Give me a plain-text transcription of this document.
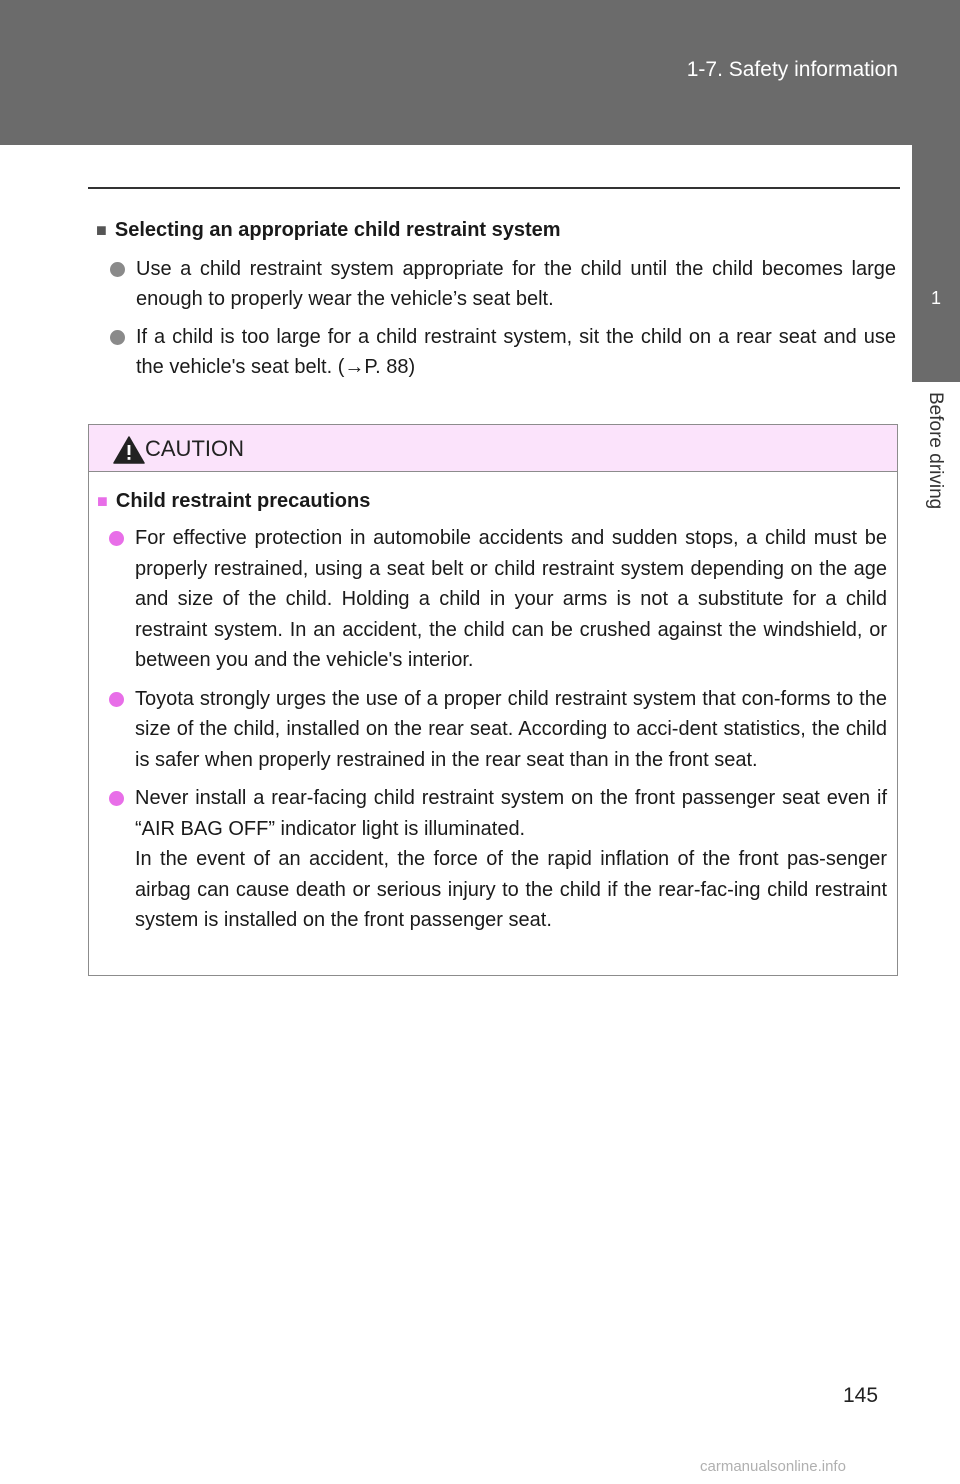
1-7. Safety information
1
Before driving
■ Selecting an appropriate child restraint system
Use a child restraint system appropriate for the child until the child becomes large enough to properly wear the vehicle’s seat belt.
If a child is too large for a child restraint system, sit the child on a rear seat and use the vehicle's seat belt. (→P. 88)
CAUTION
■ Child restraint precautions
For effective protection in automobile accidents and sudden stops, a child must be properly restrained, using a seat belt or child restraint system depending on the age and size of the child. Holding a child in your arms is not a substitute for a child restraint system. In an accident, the child can be crushed against the windshield, or between you and the vehicle's interior.
Toyota strongly urges the use of a proper child restraint system that con-forms to the size of the child, installed on the rear seat. According to acci-dent statistics, the child is safer when properly restrained in the rear seat than in the front seat.
Never install a rear-facing child restraint system on the front passenger seat even if “AIR BAG OFF” indicator light is illuminated.
In the event of an accident, the force of the rapid inflation of the front pas-senger airbag can cause death or serious injury to the child if the rear-fac-ing child restraint system is installed on the front passenger seat.
145
carmanualsonline.info
